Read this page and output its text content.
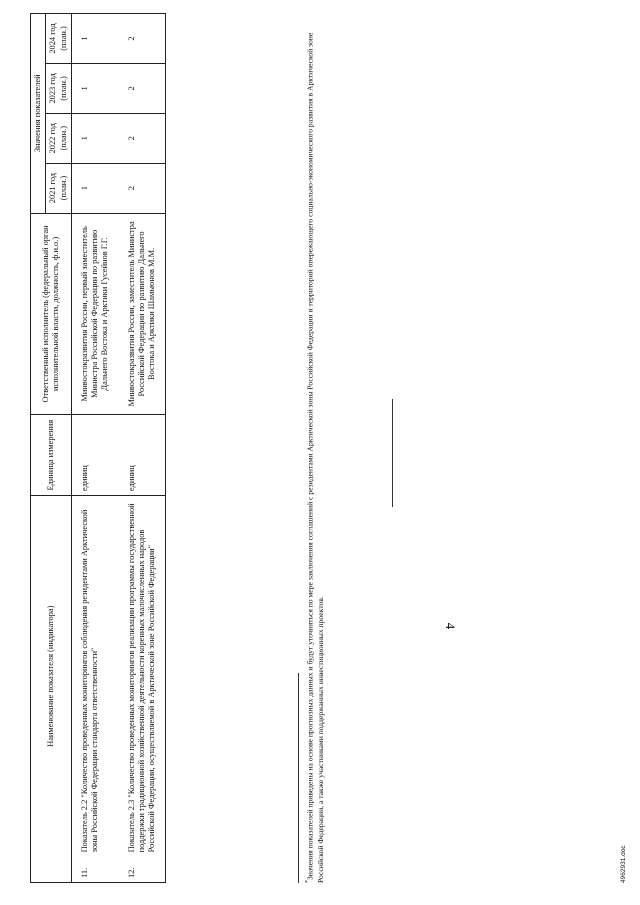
	Наименование показателя (индикатора)	Единица измерения	Ответственный исполнитель (федеральный орган исполнительной власти, должность, ф.и.о.)	Значения показателей			
				2021 год (план.)	2022 год (план.)	2023 год (план.)	2024 год (план.)
11.	Показатель 2.2 "Количество проведенных мониторингов соблюдения резидентами Арктической зоны Российской Федерации стандарта ответственности"	единиц	Минвостокразвития России, первый заместитель Министра Российской Федерации по развитию Дальнего Востока и Арктики Гусейнов Г.Г.	1	1	1	1
12.	Показатель 2.3 "Количество проведенных мониторингов реализации программы государственной поддержки традиционной хозяйственной деятельности коренных малочисленных народов Российской Федерации, осуществляемой в Арктической зоне Российской Федерации"	единиц	Минвостокразвития России, заместитель Министра Российской Федерации по развитию Дальнего Востока и Арктики Шамьюнов М.М.	2	2	2	2
*Значения показателей приведены на основе прогнозных данных и будут уточняться по мере заключения соглашений с резидентами Арктической зоны Российской Федерации и территорий опережающего социально-экономического развития в Арктической зоне Российской Федерации, а также участниками поддержанных инвестиционных проектов.	4962931.doc
4
